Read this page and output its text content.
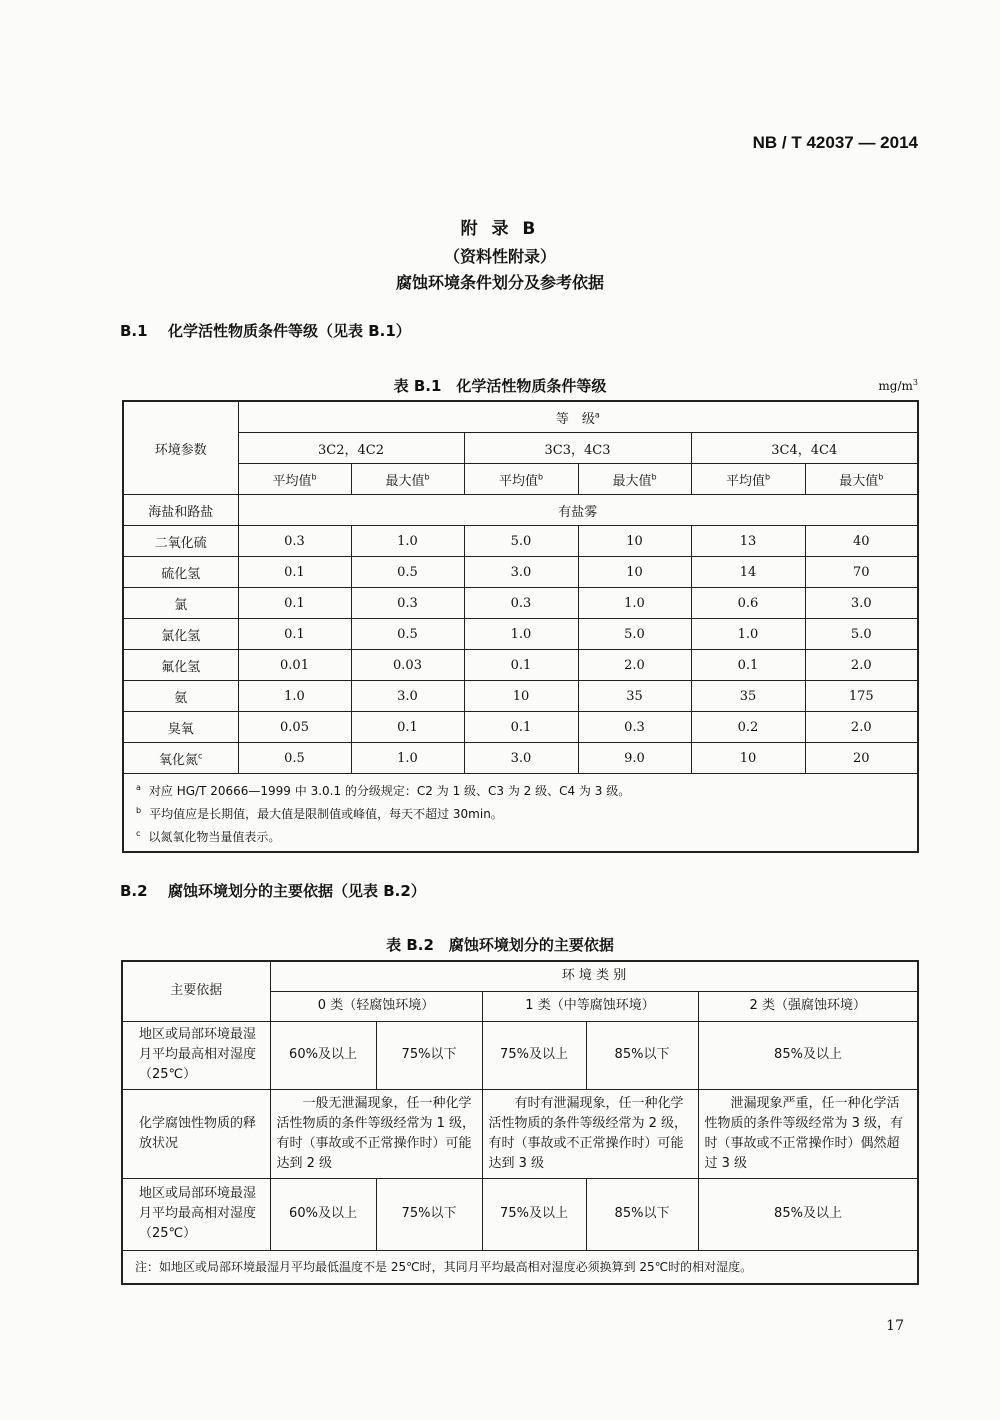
NB / T 42037 — 2014
附 录 B
（资料性附录）
腐蚀环境条件划分及参考依据
B.1 化学活性物质条件等级（见表 B.1）
表 B.1　化学活性物质条件等级	$mg/m^3$
环境参数	等　级$^a$
	3C2，4C2		3C3，4C3		3C4，4C4	
	平均值$^b$	最大值$^b$	平均值$^b$	最大值$^b$	平均值$^b$	最大值$^b$
海盐和路盐	有盐雾					
二氧化硫	0.3	1.0	5.0	10	13	40
硫化氢	0.1	0.5	3.0	10	14	70
氯	0.1	0.3	0.3	1.0	0.6	3.0
氯化氢	0.1	0.5	1.0	5.0	1.0	5.0
氟化氢	0.01	0.03	0.1	2.0	0.1	2.0
氨	1.0	3.0	10	35	35	175
臭氧	0.05	0.1	0.1	0.3	0.2	2.0
氧化氮$^c$	0.5	1.0	3.0	9.0	10	20

$^a$ 对应 HG/T 20666—1999 中 3.0.1 的分级规定：C2 为 1 级、C3 为 2 级、C4 为 3 级。
$^b$ 平均值应是长期值，最大值是限制值或峰值，每天不超过 30min。
$^c$ 以氮氧化物当量值表示。						
B.2 腐蚀环境划分的主要依据（见表 B.2）
表 B.2　腐蚀环境划分的主要依据
主要依据	环 境 类 别				
	0 类（轻腐蚀环境）		1 类（中等腐蚀环境）		2 类（强腐蚀环境）
地区或局部环境最湿月平均最高相对湿度（25℃）	60%及以上	75%以下	75%及以上	85%以下	85%及以上
化学腐蚀性物质的释放状况	一般无泄漏现象，任一种化学活性物质的条件等级经常为 1 级，有时（事故或不正常操作时）可能达到 2 级		有时有泄漏现象，任一种化学活性物质的条件等级经常为 2 级，有时（事故或不正常操作时）可能达到 3 级		泄漏现象严重，任一种化学活性物质的条件等级经常为 3 级，有时（事故或不正常操作时）偶然超过 3 级
地区或局部环境最湿月平均最高相对湿度（25℃）	60%及以上	75%以下	75%及以上	85%以下	85%及以上
注：如地区或局部环境最湿月平均最低温度不是 25℃时，其同月平均最高相对湿度必须换算到 25℃时的相对湿度。					
17
